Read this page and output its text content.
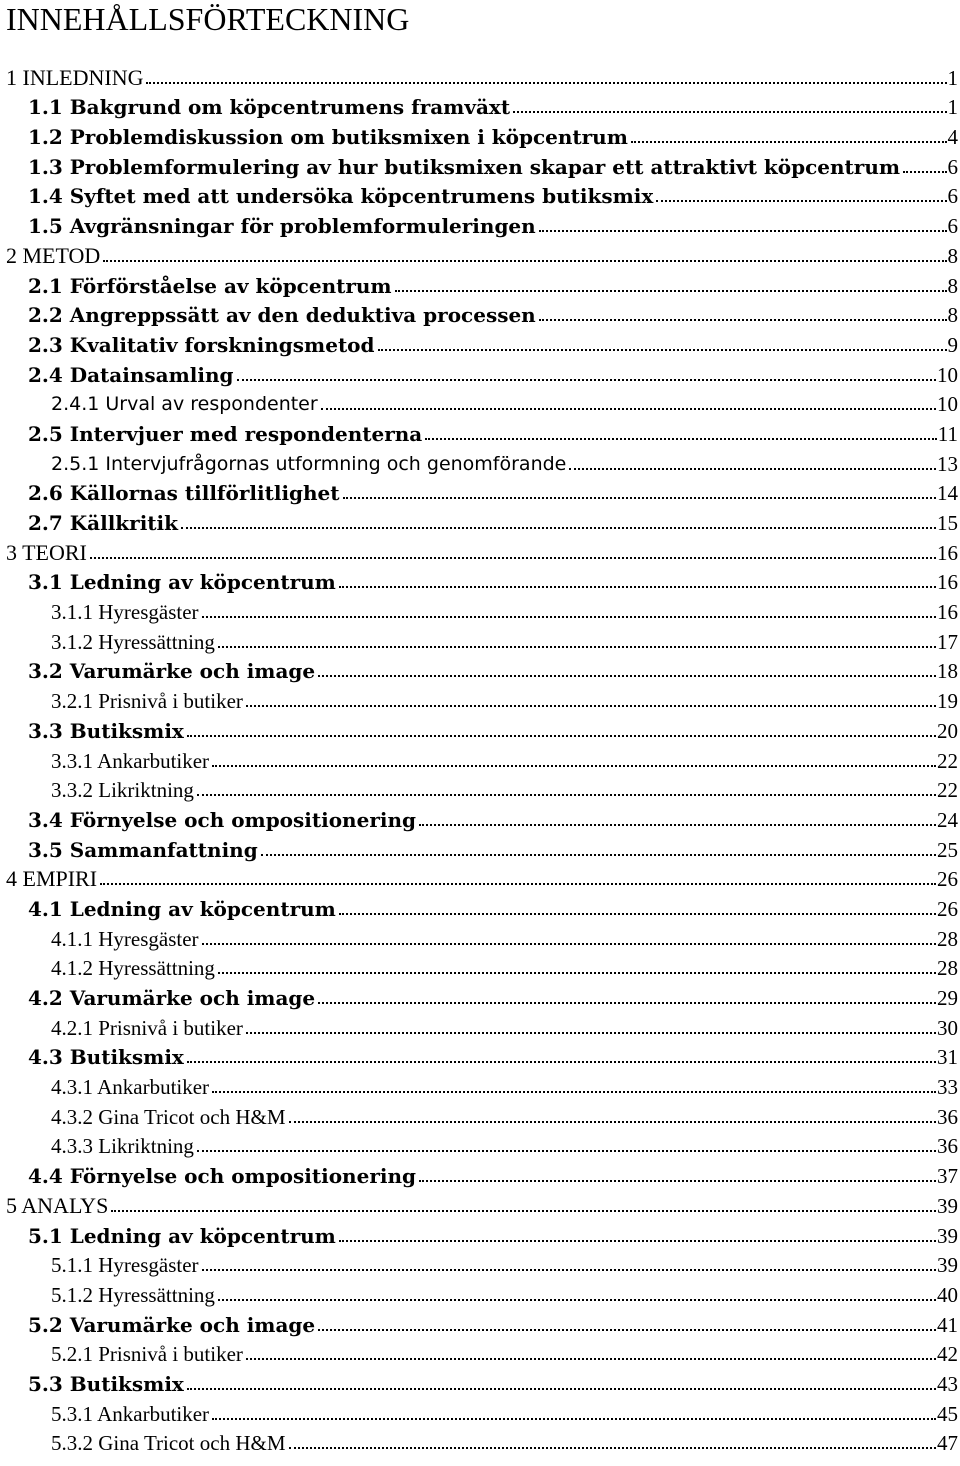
INNEHÅLLSFÖRTECKNING
1 INLEDNING	1
1.1 Bakgrund om köpcentrumens framväxt	1
1.2 Problemdiskussion om butiksmixen i köpcentrum	4
1.3 Problemformulering av hur butiksmixen skapar ett attraktivt köpcentrum 6
1.4 Syftet med att undersöka köpcentrumens butiksmix	6
1.5 Avgränsningar för problemformuleringen	6
2 METOD	8
2.1 Förförståelse av köpcentrum	8
2.2 Angreppssätt av den deduktiva processen	8
2.3 Kvalitativ forskningsmetod	9
2.4 Datainsamling	10
2.4.1 Urval av respondenter	10
2.5 Intervjuer med respondenterna	11
2.5.1 Intervjufrågornas utformning och genomförande	13
2.6 Källornas tillförlitlighet	14
2.7 Källkritik	15
3 TEORI	16
3.1 Ledning av köpcentrum	16
3.1.1 Hyresgäster	16
3.1.2 Hyressättning	17
3.2 Varumärke och image	18
3.2.1 Prisnivå i butiker	19
3.3 Butiksmix	20
3.3.1 Ankarbutiker	22
3.3.2 Likriktning	22
3.4 Förnyelse och ompositionering	24
3.5 Sammanfattning	25
4 EMPIRI	26
4.1 Ledning av köpcentrum	26
4.1.1 Hyresgäster	28
4.1.2 Hyressättning	28
4.2 Varumärke och image	29
4.2.1 Prisnivå i butiker	30
4.3 Butiksmix	31
4.3.1 Ankarbutiker	33
4.3.2 Gina Tricot och H&M	36
4.3.3 Likriktning	36
4.4 Förnyelse och ompositionering	37
5 ANALYS	39
5.1 Ledning av köpcentrum	39
5.1.1 Hyresgäster	39
5.1.2 Hyressättning	40
5.2 Varumärke och image	41
5.2.1 Prisnivå i butiker	42
5.3 Butiksmix	43
5.3.1 Ankarbutiker	45
5.3.2 Gina Tricot och H&M	47
